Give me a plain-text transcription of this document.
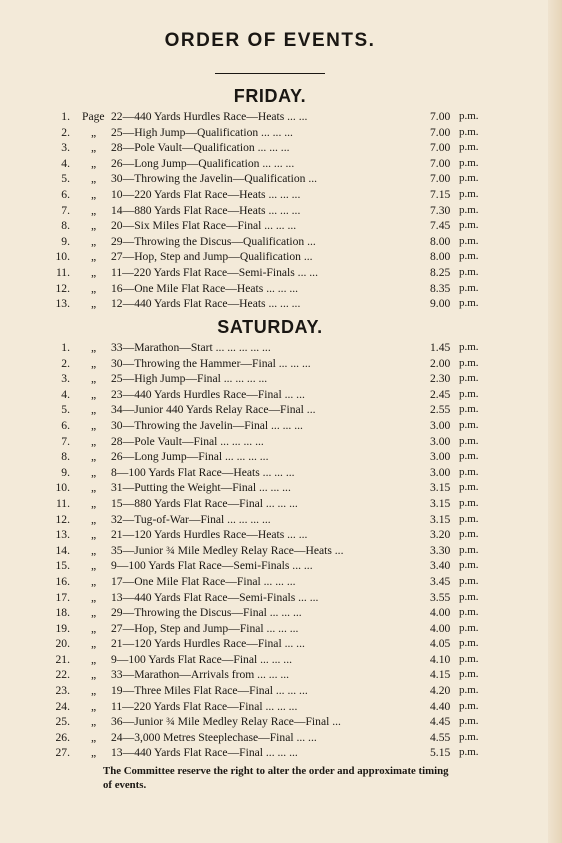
ORDER OF EVENTS.
FRIDAY.
1. Page 22—440 Yards Hurdles Race—Heats ... ...	7.00 p.m.
2. „ 25—High Jump—Qualification ... ... ...	7.00 p.m.
3. „ 28—Pole Vault—Qualification ... ... ...	7.00 p.m.
4. „ 26—Long Jump—Qualification ... ... ...	7.00 p.m.
5. „ 30—Throwing the Javelin—Qualification ...	7.00 p.m.
6. „ 10—220 Yards Flat Race—Heats ... ... ...	7.15 p.m.
7. „ 14—880 Yards Flat Race—Heats ... ... ...	7.30 p.m.
8. „ 20—Six Miles Flat Race—Final ... ... ...	7.45 p.m.
9. „ 29—Throwing the Discus—Qualification ...	8.00 p.m.
10. „ 27—Hop, Step and Jump—Qualification ...	8.00 p.m.
11. „ 11—220 Yards Flat Race—Semi-Finals ... ...	8.25 p.m.
12. „ 16—One Mile Flat Race—Heats ... ... ...	8.35 p.m.
13. „ 12—440 Yards Flat Race—Heats ... ... ...	9.00 p.m.
SATURDAY.
1. „ 33—Marathon—Start ... ... ... ... ...	1.45 p.m.
2. „ 30—Throwing the Hammer—Final ... ... ...	2.00 p.m.
3. „ 25—High Jump—Final ... ... ... ...	2.30 p.m.
4. „ 23—440 Yards Hurdles Race—Final ... ...	2.45 p.m.
5. „ 34—Junior 440 Yards Relay Race—Final ...	2.55 p.m.
6. „ 30—Throwing the Javelin—Final ... ... ...	3.00 p.m.
7. „ 28—Pole Vault—Final ... ... ... ...	3.00 p.m.
8. „ 26—Long Jump—Final ... ... ... ...	3.00 p.m.
9. „ 8—100 Yards Flat Race—Heats ... ... ...	3.00 p.m.
10. „ 31—Putting the Weight—Final ... ... ...	3.15 p.m.
11. „ 15—880 Yards Flat Race—Final ... ... ...	3.15 p.m.
12. „ 32—Tug-of-War—Final ... ... ... ...	3.15 p.m.
13. „ 21—120 Yards Hurdles Race—Heats ... ...	3.20 p.m.
14. „ 35—Junior ¾ Mile Medley Relay Race—Heats ...	3.30 p.m.
15. „ 9—100 Yards Flat Race—Semi-Finals ... ...	3.40 p.m.
16. „ 17—One Mile Flat Race—Final ... ... ...	3.45 p.m.
17. „ 13—440 Yards Flat Race—Semi-Finals ... ...	3.55 p.m.
18. „ 29—Throwing the Discus—Final ... ... ...	4.00 p.m.
19. „ 27—Hop, Step and Jump—Final ... ... ...	4.00 p.m.
20. „ 21—120 Yards Hurdles Race—Final ... ...	4.05 p.m.
21. „ 9—100 Yards Flat Race—Final ... ... ...	4.10 p.m.
22. „ 33—Marathon—Arrivals from ... ... ...	4.15 p.m.
23. „ 19—Three Miles Flat Race—Final ... ... ...	4.20 p.m.
24. „ 11—220 Yards Flat Race—Final ... ... ...	4.40 p.m.
25. „ 36—Junior ¾ Mile Medley Relay Race—Final ...	4.45 p.m.
26. „ 24—3,000 Metres Steeplechase—Final ... ...	4.55 p.m.
27. „ 13—440 Yards Flat Race—Final ... ... ...	5.15 p.m.
The Committee reserve the right to alter the order and approximate timing of events.
